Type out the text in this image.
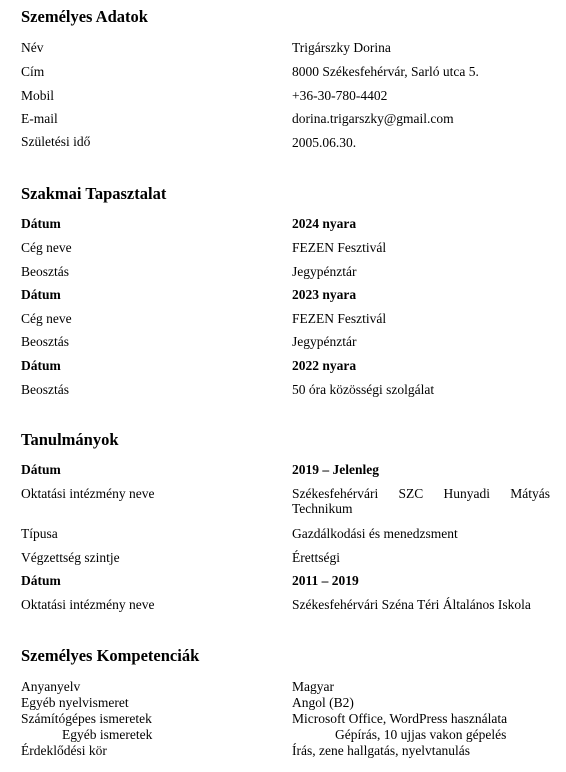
Személyes Adatok
Név	Trigárszky Dorina
Cím	8000 Székesfehérvár, Sarló utca 5.
Mobil	+36-30-780-4402
E-mail	dorina.trigarszky@gmail.com
Születési idő	2005.06.30.
Szakmai Tapasztalat
Dátum	2024 nyara
Cég neve	FEZEN Fesztivál
Beosztás	Jegypénztár
Dátum	2023 nyara
Cég neve	FEZEN Fesztivál
Beosztás	Jegypénztár
Dátum	2022 nyara
Beosztás	50 óra közösségi szolgálat
Tanulmányok
Dátum	2019 – Jelenleg
Oktatási intézmény neve	Székesfehérvári SZC Hunyadi Mátyás
Technikum
Típusa	Gazdálkodási és menedzsment
Végzettség szintje	Érettségi
Dátum	2011 – 2019
Oktatási intézmény neve	Székesfehérvári Széna Téri Általános Iskola
Személyes Kompetenciák
Anyanyelv	Magyar
Egyéb nyelvismeret	Angol (B2)
Számítógépes ismeretek	Microsoft Office, WordPress használata
Egyéb ismeretek	Gépírás, 10 ujjas vakon gépelés
Érdeklődési kör	Írás, zene hallgatás, nyelvtanulás
